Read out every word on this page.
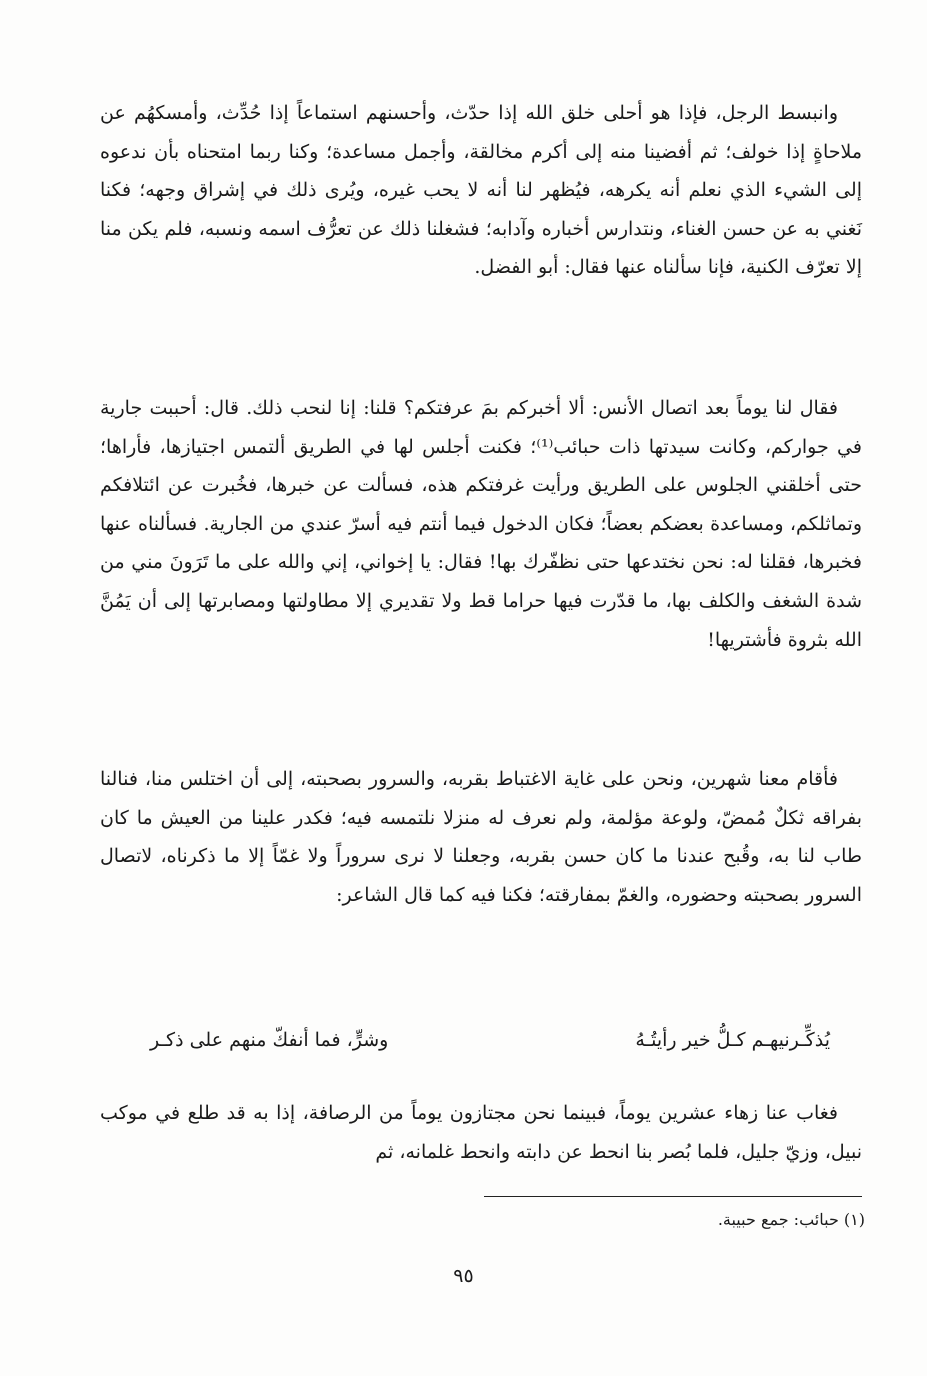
وانبسط الرجل، فإذا هو أحلى خلق الله إذا حدّث، وأحسنهم استماعاً إذا حُدِّث، وأمسكهُم عن ملاحاةٍ إذا خولف؛ ثم أفضينا منه إلى أكرم مخالقة، وأجمل مساعدة؛ وكنا ربما امتحناه بأن ندعوه إلى الشيء الذي نعلم أنه يكرهه، فيُظهر لنا أنه لا يحب غيره، ويُرى ذلك في إشراق وجهه؛ فكنا نَغني به عن حسن الغناء، ونتدارس أخباره وآدابه؛ فشغلنا ذلك عن تعرُّف اسمه ونسبه، فلم يكن منا إلا تعرّف الكنية، فإنا سألناه عنها فقال: أبو الفضل.

فقال لنا يوماً بعد اتصال الأنس: ألا أخبركم بمَ عرفتكم؟ قلنا: إنا لنحب ذلك. قال: أحببت جارية في جواركم، وكانت سيدتها ذات حبائب⁽¹⁾؛ فكنت أجلس لها في الطريق ألتمس اجتيازها، فأراها؛ حتى أخلقني الجلوس على الطريق ورأيت غرفتكم هذه، فسألت عن خبرها، فخُبرت عن ائتلافكم وتماثلكم، ومساعدة بعضكم بعضاً؛ فكان الدخول فيما أنتم فيه أسرّ عندي من الجارية. فسألناه عنها فخبرها، فقلنا له: نحن نختدعها حتى نظفّرك بها! فقال: يا إخواني، إني والله على ما تَرَونَ مني من شدة الشغف والكلف بها، ما قدّرت فيها حراما قط ولا تقديري إلا مطاولتها ومصابرتها إلى أن يَمُنَّ الله بثروة فأشتريها!

فأقام معنا شهرين، ونحن على غاية الاغتباط بقربه، والسرور بصحبته، إلى أن اختلس منا، فنالنا بفراقه ثكلٌ مُمضّ، ولوعة مؤلمة، ولم نعرف له منزلا نلتمسه فيه؛ فكدر علينا من العيش ما كان طاب لنا به، وقُبح عندنا ما كان حسن بقربه، وجعلنا لا نرى سروراً ولا غمّاً إلا ما ذكرناه، لاتصال السرور بصحبته وحضوره، والغمّ بمفارقته؛ فكنا فيه كما قال الشاعر:

يُذكِّـرنيهـم كـلُّ خير رأيتُـهُ
وشرٍّ، فما أنفكّ منهم على ذكـر

فغاب عنا زهاء عشرين يوماً، فبينما نحن مجتازون يوماً من الرصافة، إذا به قد طلع في موكب نبيل، وزيّ جليل، فلما بُصر بنا انحط عن دابته وانحط غلمانه، ثم

(١) حبائب: جمع حبيبة.
٩٥
